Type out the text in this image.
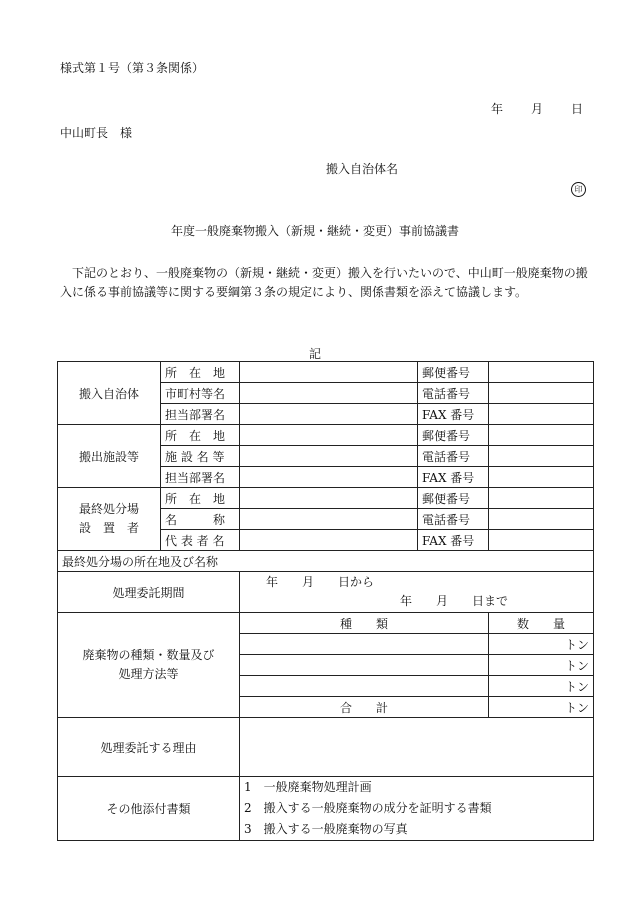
様式第１号（第３条関係）
年 月 日
中山町長　様
搬入自治体名
印
年度一般廃棄物搬入（新規・継続・変更）事前協議書
下記のとおり、一般廃棄物の（新規・継続・変更）搬入を行いたいので、中山町一般廃棄物の搬入に係る事前協議等に関する要綱第３条の規定により、関係書類を添えて協議します。
記
搬入自治体	所　在　地		郵便番号	
	市町村等名		電話番号	
	担当部署名		FAX 番号	
搬出施設等	所　在　地		郵便番号	
	施 設 名 等		電話番号	
	担当部署名		FAX 番号	

最終処分場
設　置　者	所　在　地		郵便番号	
	名　　　称		電話番号	
	代 表 者 名		FAX 番号	
最終処分場の所在地及び名称				
処理委託期間		年　　月　　日から
年　　月　　日まで		

廃棄物の種類・数量及び
処理方法等		種　　類		数　　量
				トン
				トン
				トン
		合　　計		トン
処理委託する理由				
その他添付書類		1　一般廃棄物処理計画
2　搬入する一般廃棄物の成分を証明する書類
3　搬入する一般廃棄物の写真		
